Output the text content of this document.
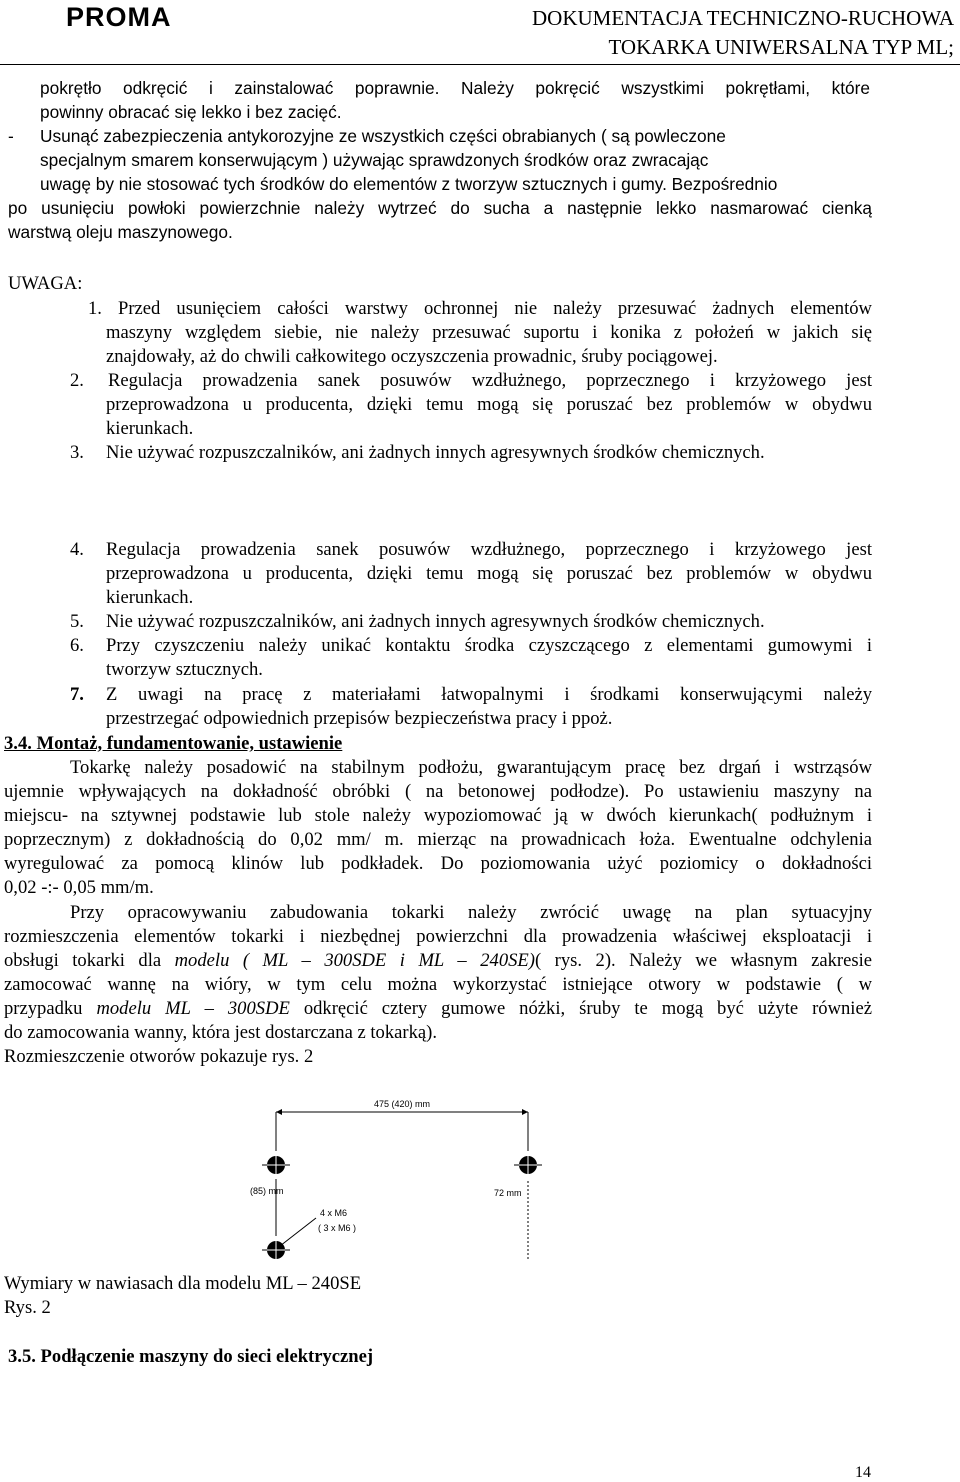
PROMA	DOKUMENTACJA TECHNICZNO-RUCHOWA
TOKARKA UNIWERSALNA TYP ML;
pokrętło odkręcić i zainstalować poprawnie. Należy pokręcić wszystkimi pokrętłami, które
powinny obracać się lekko i bez zacięć.
- Usunąć zabezpieczenia antykorozyjne ze wszystkich części obrabianych ( są powleczone
specjalnym smarem konserwującym ) używając sprawdzonych środków oraz zwracając
uwagę by nie stosować tych środków do elementów z tworzyw sztucznych i gumy. Bezpośrednio
po usunięciu powłoki powierzchnie należy wytrzeć do sucha a następnie lekko nasmarować cienką
warstwą oleju maszynowego.
UWAGA:
1. Przed usunięciem całości warstwy ochronnej nie należy przesuwać żadnych elementów
maszyny względem siebie, nie należy przesuwać suportu i konika z położeń w jakich się
znajdowały, aż do chwili całkowitego oczyszczenia prowadnic, śruby pociągowej.
2. Regulacja prowadzenia sanek posuwów wzdłużnego, poprzecznego i krzyżowego jest
przeprowadzona u producenta, dzięki temu mogą się poruszać bez problemów w obydwu
kierunkach.
3. Nie używać rozpuszczalników, ani żadnych innych agresywnych środków chemicznych.
4. Regulacja prowadzenia sanek posuwów wzdłużnego, poprzecznego i krzyżowego jest
przeprowadzona u producenta, dzięki temu mogą się poruszać bez problemów w obydwu
kierunkach.
5. Nie używać rozpuszczalników, ani żadnych innych agresywnych środków chemicznych.
6. Przy czyszczeniu należy unikać kontaktu środka czyszczącego z elementami gumowymi i
tworzyw sztucznych.
7. Z uwagi na pracę z materiałami łatwopalnymi i środkami konserwującymi należy
przestrzegać odpowiednich przepisów bezpieczeństwa pracy i ppoż.
3.4. Montaż, fundamentowanie, ustawienie
Tokarkę należy posadowić na stabilnym podłożu, gwarantującym pracę bez drgań i wstrząsów
ujemnie wpływających na dokładność obróbki ( na betonowej podłodze). Po ustawieniu maszyny na
miejscu- na sztywnej podstawie lub stole należy wypoziomować ją w dwóch kierunkach( podłużnym i
poprzecznym) z dokładnością do 0,02 mm/ m. mierząc na prowadnicach łoża. Ewentualne odchylenia
wyregulować za pomocą klinów lub podkładek. Do poziomowania użyć poziomicy o dokładności
0,02 -:- 0,05 mm/m.
Przy opracowywaniu zabudowania tokarki należy zwrócić uwagę na plan sytuacyjny
rozmieszczenia elementów tokarki i niezbędnej powierzchni dla prowadzenia właściwej eksploatacji i
obsługi tokarki dla modelu ( ML – 300SDE i ML – 240SE)( rys. 2). Należy we własnym zakresie
zamocować wannę na wióry, w tym celu można wykorzystać istniejące otwory w podstawie ( w
przypadku modelu ML – 300SDE odkręcić cztery gumowe nóżki, śruby te mogą być użyte również
do zamocowania wanny, która jest dostarczana z tokarką).
Rozmieszczenie otworów pokazuje rys. 2
475 (420) mm
(85) mm	72 mm
4 x M6
( 3 x M6 )
Wymiary w nawiasach dla modelu ML – 240SE
Rys. 2
3.5. Podłączenie maszyny do sieci elektrycznej
14
